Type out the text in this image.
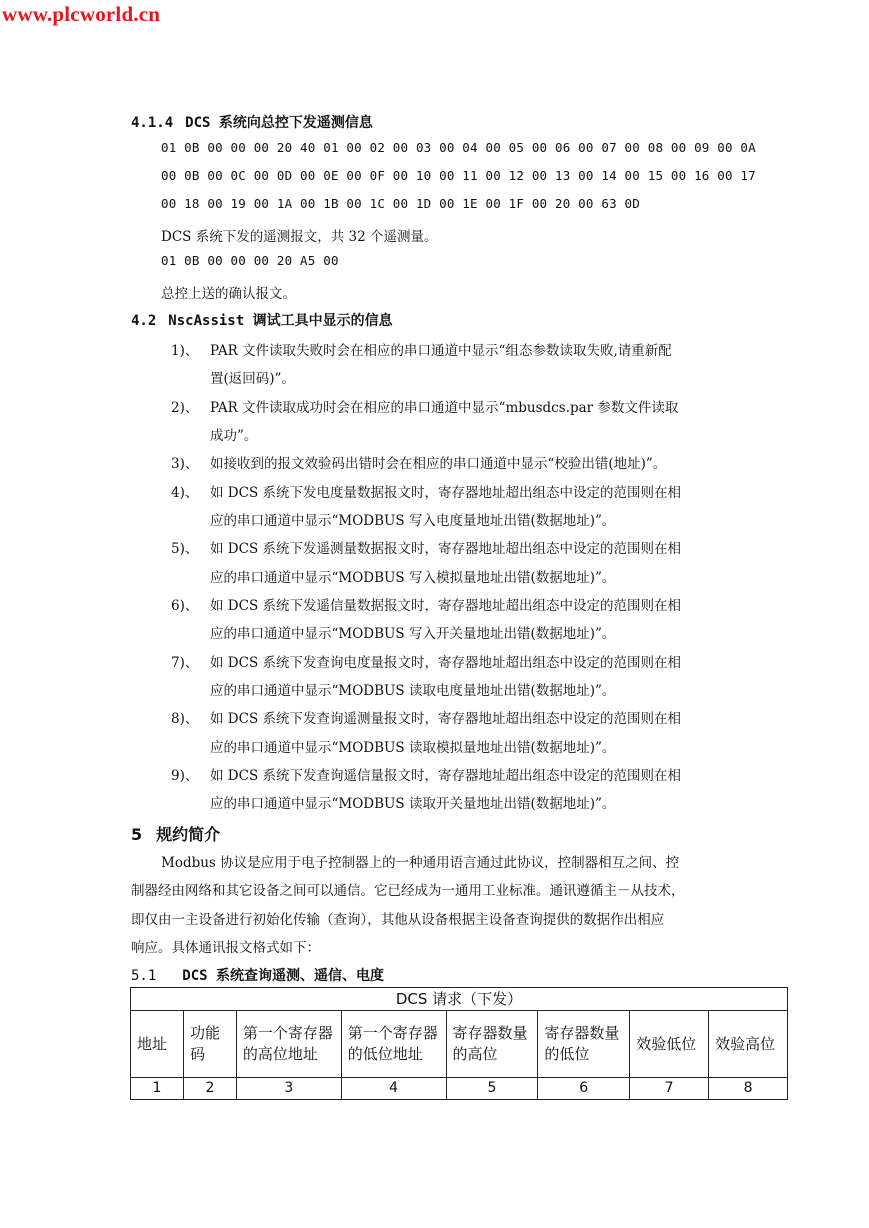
www.plcworld.cn
4.1.4 DCS 系统向总控下发遥测信息
01 0B 00 00 00 20 40 01 00 02 00 03 00 04 00 05 00 06 00 07 00 08 00 09 00 0A
00 0B 00 0C 00 0D 00 0E 00 0F 00 10 00 11 00 12 00 13 00 14 00 15 00 16 00 17
00 18 00 19 00 1A 00 1B 00 1C 00 1D 00 1E 00 1F 00 20 00 63 0D
DCS 系统下发的遥测报文，共 32 个遥测量。
01 0B 00 00 00 20 A5 00
总控上送的确认报文。
4.2 NscAssist 调试工具中显示的信息
1)、 PAR 文件读取失败时会在相应的串口通道中显示“组态参数读取失败,请重新配
置(返回码)”。
2)、 PAR 文件读取成功时会在相应的串口通道中显示“mbusdcs.par 参数文件读取
成功”。
3)、 如接收到的报文效验码出错时会在相应的串口通道中显示“校验出错(地址)”。
4)、 如 DCS 系统下发电度量数据报文时，寄存器地址超出组态中设定的范围则在相
应的串口通道中显示“MODBUS 写入电度量地址出错(数据地址)”。
5)、 如 DCS 系统下发遥测量数据报文时，寄存器地址超出组态中设定的范围则在相
应的串口通道中显示“MODBUS 写入模拟量地址出错(数据地址)”。
6)、 如 DCS 系统下发遥信量数据报文时，寄存器地址超出组态中设定的范围则在相
应的串口通道中显示“MODBUS 写入开关量地址出错(数据地址)”。
7)、 如 DCS 系统下发查询电度量报文时，寄存器地址超出组态中设定的范围则在相
应的串口通道中显示“MODBUS 读取电度量地址出错(数据地址)”。
8)、 如 DCS 系统下发查询遥测量报文时，寄存器地址超出组态中设定的范围则在相
应的串口通道中显示“MODBUS 读取模拟量地址出错(数据地址)”。
9)、 如 DCS 系统下发查询遥信量报文时，寄存器地址超出组态中设定的范围则在相
应的串口通道中显示“MODBUS 读取开关量地址出错(数据地址)”。
5 规约简介
Modbus 协议是应用于电子控制器上的一种通用语言通过此协议，控制器相互之间、控
制器经由网络和其它设备之间可以通信。它已经成为一通用工业标准。通讯遵循主－从技术，
即仅由一主设备进行初始化传输（查询），其他从设备根据主设备查询提供的数据作出相应
响应。具体通讯报文格式如下：
5.1 DCS 系统查询遥测、遥信、电度
DCS 请求（下发）							
地址	功能码	第一个寄存器的高位地址	第一个寄存器的低位地址	寄存器数量的高位	寄存器数量的低位	效验低位	效验高位
1	2	3	4	5	6	7	8
